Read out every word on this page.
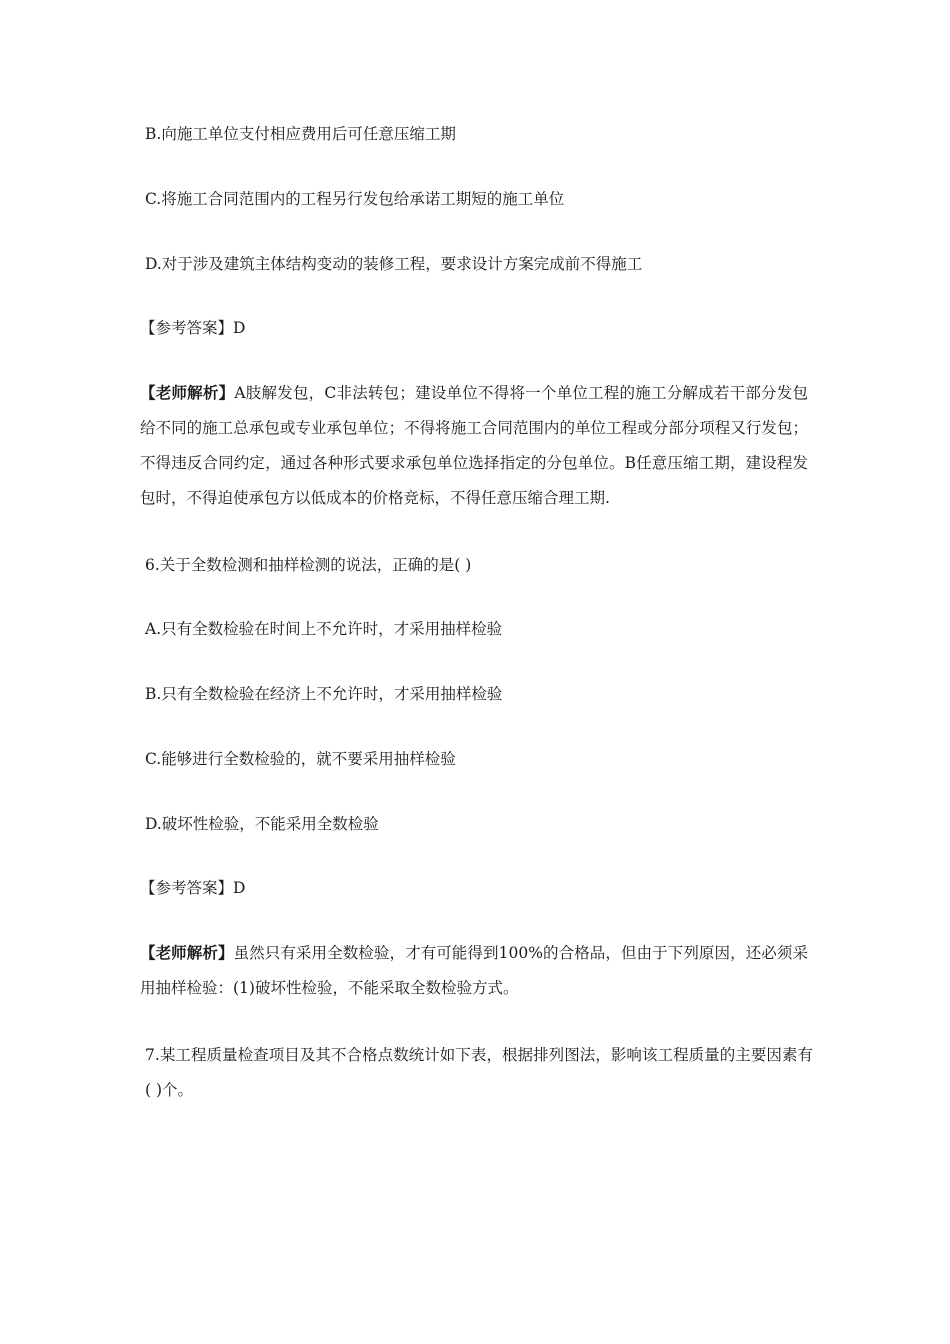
B.向施工单位支付相应费用后可任意压缩工期
C.将施工合同范围内的工程另行发包给承诺工期短的施工单位
D.对于涉及建筑主体结构变动的装修工程，要求设计方案完成前不得施工
【参考答案】D
【老师解析】A肢解发包，C非法转包；建设单位不得将一个单位工程的施工分解成若干部分发包给不同的施工总承包或专业承包单位；不得将施工合同范围内的单位工程或分部分项程又行发包；不得违反合同约定，通过各种形式要求承包单位选择指定的分包单位。B任意压缩工期，建设程发包时，不得迫使承包方以低成本的价格竞标，不得任意压缩合理工期.
6.关于全数检测和抽样检测的说法，正确的是( )
A.只有全数检验在时间上不允许时，才采用抽样检验
B.只有全数检验在经济上不允许时，才采用抽样检验
C.能够进行全数检验的，就不要采用抽样检验
D.破坏性检验，不能采用全数检验
【参考答案】D
【老师解析】虽然只有采用全数检验，才有可能得到100%的合格品，但由于下列原因，还必须采用抽样检验：(1)破坏性检验，不能采取全数检验方式。
7.某工程质量检查项目及其不合格点数统计如下表，根据排列图法，影响该工程质量的主要因素有( )个。
